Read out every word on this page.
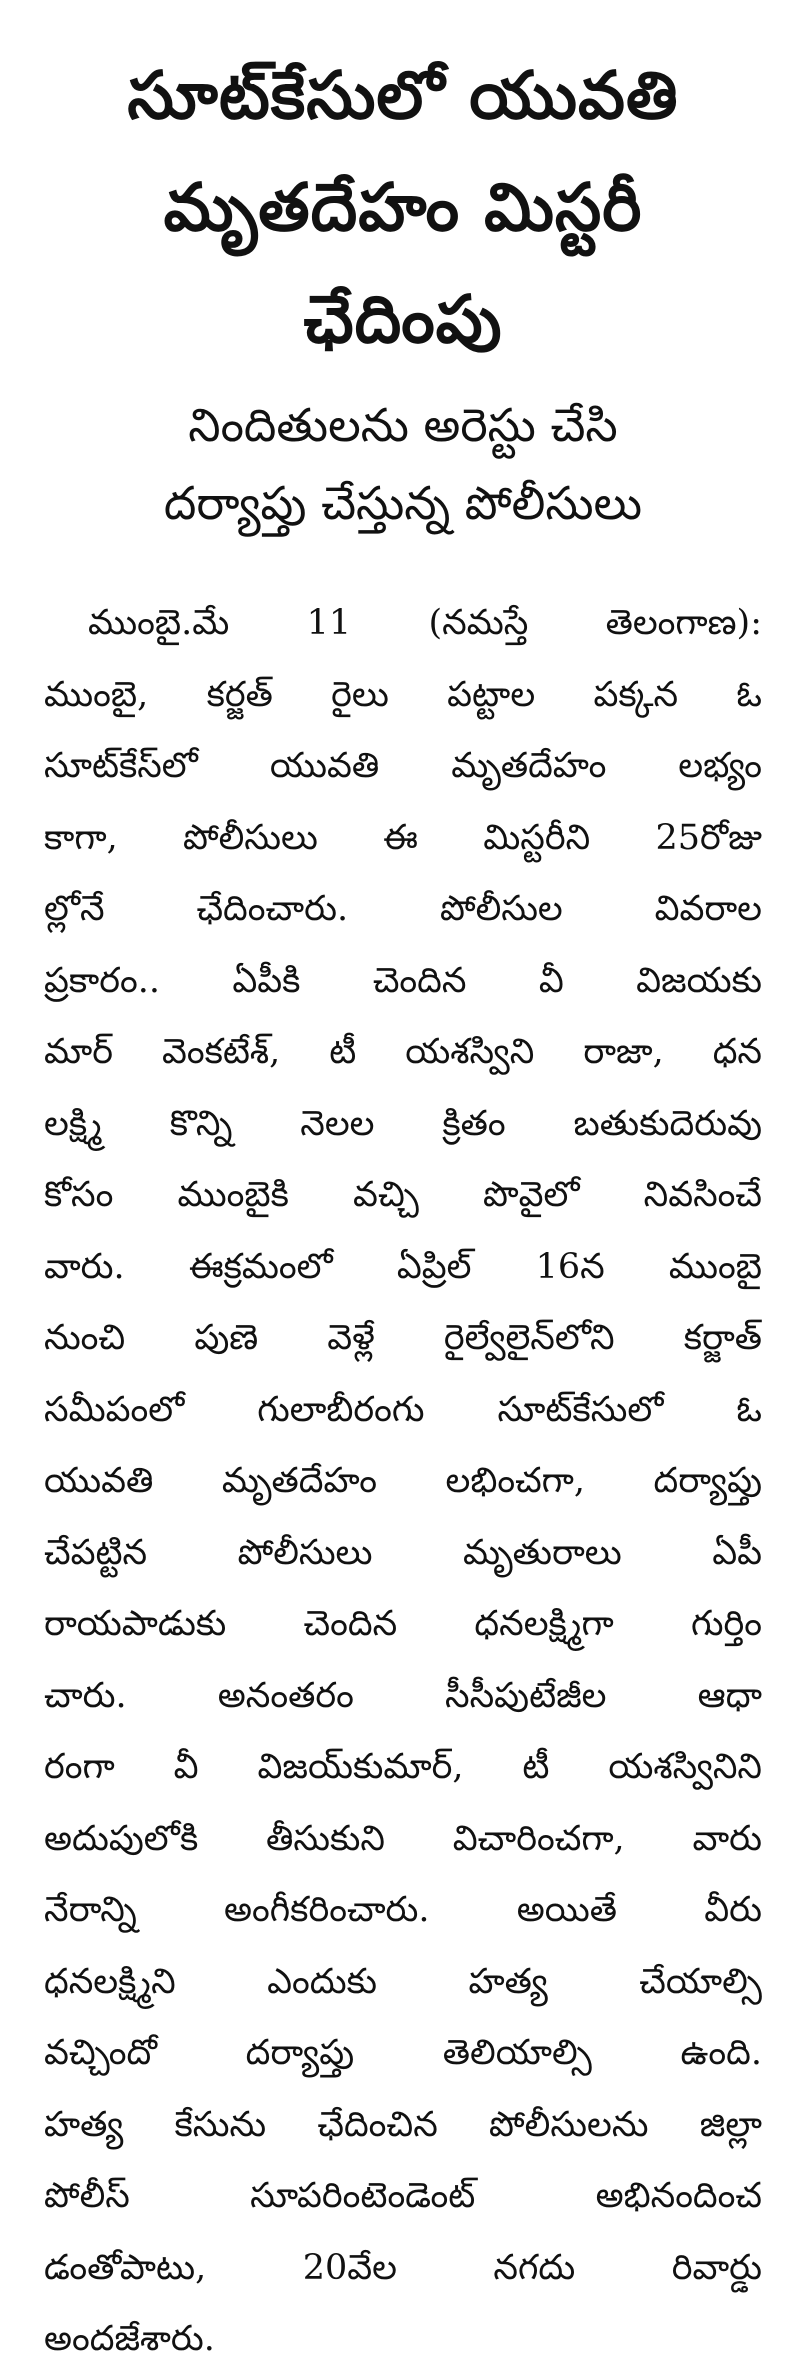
సూట్‌కేసులో యువతి
మృతదేహం మిస్టరీ
ఛేదింపు
నిందితులను అరెస్టు చేసి
దర్యాప్తు చేస్తున్న పోలీసులు
ముంబై.మే 11 (నమస్తే తెలంగాణ):
ముంబై, కర్జత్ రైలు పట్టాల పక్కన ఓ
సూట్‌కేస్‌లో యువతి మృతదేహం లభ్యం
కాగా, పోలీసులు ఈ మిస్టరీని 25రోజు
ల్లోనే ఛేదించారు. పోలీసుల వివరాల
ప్రకారం.. ఏపీకి చెందిన వీ విజయకు
మార్ వెంకటేశ్, టీ యశస్విని రాజా, ధన
లక్ష్మి కొన్ని నెలల క్రితం బతుకుదెరువు
కోసం ముంబైకి వచ్చి పొవైలో నివసించే
వారు. ఈక్రమంలో ఏప్రిల్ 16న ముంబై
నుంచి పుణె వెళ్లే రైల్వేలైన్‌లోని కర్జాత్
సమీపంలో గులాబీరంగు సూట్‌కేసులో ఓ
యువతి మృతదేహం లభించగా, దర్యాప్తు
చేపట్టిన పోలీసులు మృతురాలు ఏపీ
రాయపాడుకు చెందిన ధనలక్ష్మిగా గుర్తిం
చారు. అనంతరం సీసీపుటేజీల ఆధా
రంగా వీ విజయ్‌కుమార్, టీ యశస్వినిని
అదుపులోకి తీసుకుని విచారించగా, వారు
నేరాన్ని అంగీకరించారు. అయితే వీరు
ధనలక్ష్మిని ఎందుకు హత్య చేయాల్సి
వచ్చిందో దర్యాప్తు తెలియాల్సి ఉంది.
హత్య కేసును ఛేదించిన పోలీసులను జిల్లా
పోలీస్ సూపరింటెండెంట్ అభినందించ
డంతోపాటు, 20వేల నగదు రివార్డు
అందజేశారు.
